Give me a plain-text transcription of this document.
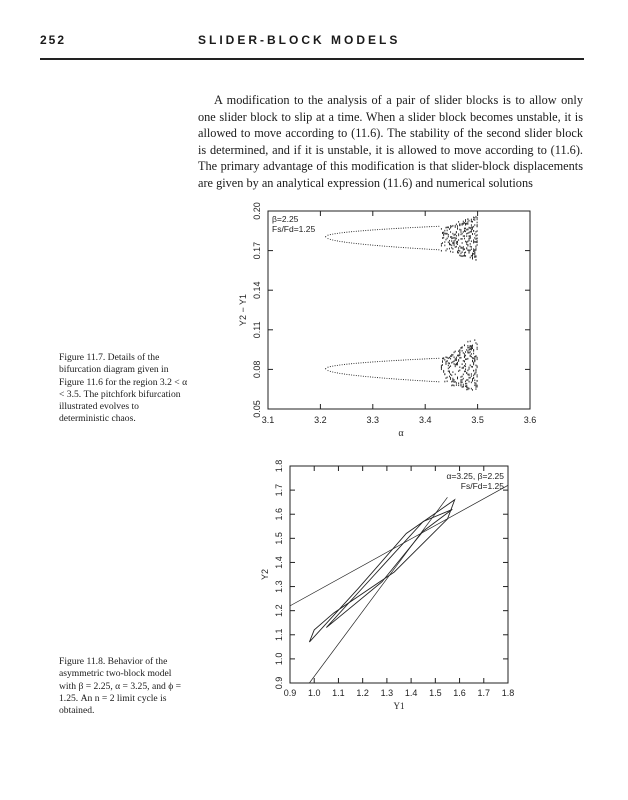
252	SLIDER-BLOCK MODELS

A modification to the analysis of a pair of slider blocks is to allow only one slider block to slip at a time. When a slider block becomes unstable, it is allowed to move according to (11.6). The stability of the second slider block is determined, and if it is unstable, it is allowed to move according to (11.6). The primary advantage of this modification is that slider-block displacements are given by an analytical expression (11.6) and numerical solutions

3.1	3.2	3.3	3.4	3.5	3.6
0.05
0.08
0.11
0.14
0.17
0.20
α
Y2 − Y1
β=2.25
Fs/Fd=1.25
0.9 1.0 1.1 1.2 1.3 1.4 1.5 1.6 1.7 1.8
0.9
1.0
1.1
1.2
1.3
1.4
1.5
1.6
1.7
1.8
Y1
Y2
α=3.25, β=2.25
Fs/Fd=1.25

Figure 11.7. Details of the bifurcation diagram given in Figure 11.6 for the region 3.2 < α < 3.5. The pitchfork bifurcation illustrated evolves to deterministic chaos.

Figure 11.8. Behavior of the asymmetric two-block model with β = 2.25, α = 3.25, and ϕ = 1.25. An n = 2 limit cycle is obtained.
